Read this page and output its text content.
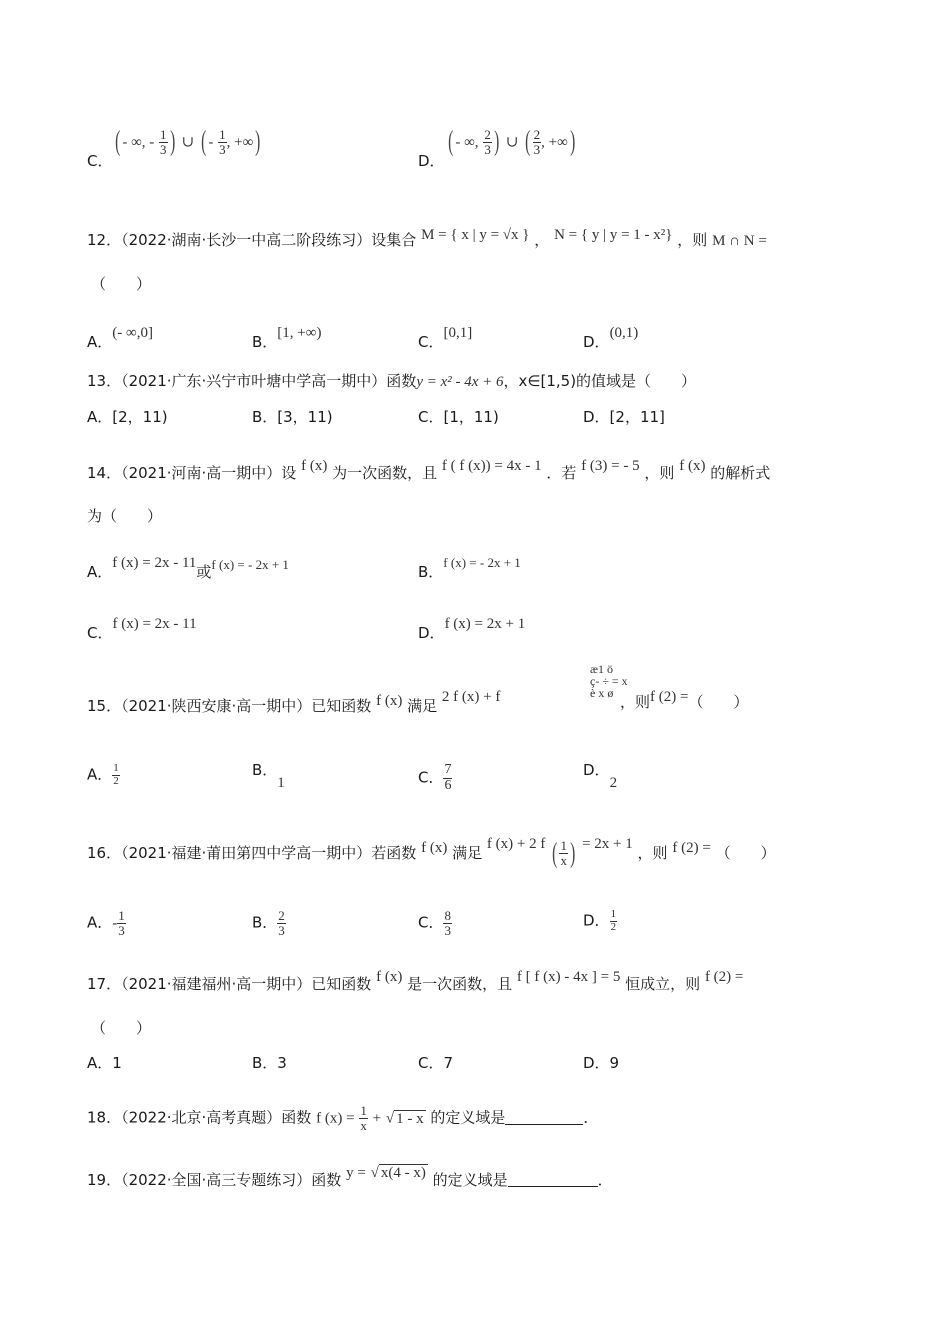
C．
( - ∞, - $\frac{1}{3}$ ) ∪ ( - $\frac{1}{3}$ , +∞)
D．
( - ∞, $\frac{2}{3}$ ) ∪ ( $\frac{2}{3}$ , +∞)
12．（2022·湖南·长沙一中高二阶段练习）设集合 M = { x | y = √x } ， N = { y | y = 1 - x²} ，则 M ∩ N =
（　　）
A．(- ∞,0]	B．[1, +∞)	C．[0,1]	D．(0,1)
13．（2021·广东·兴宁市叶塘中学高一期中）函数y = x² - 4x + 6，x∈[1,5)的值域是（　　）
A．[2，11)	B．[3，11)	C．[1，11)	D．[2，11]
14．（2021·河南·高一期中）设 f (x) 为一次函数，且 f ( f (x)) = 4x - 1 ．若 f (3) = - 5 ，则 f (x) 的解析式
为（　　）
A．f (x) = 2x - 11或f (x) = - 2x + 1	B．f (x) = - 2x + 1
C．f (x) = 2x - 11	D．f (x) = 2x + 1
15．（2021·陕西安康·高一期中）已知函数 f (x) 满足 2 f (x) + f
æ1 ö
ç- ÷ = x
è x ø ，则f (2) =（　　）
A． $\frac{1}{2}$	B．1	C． $\frac{7}{6}$	D．2
16．（2021·福建·莆田第四中学高一期中）若函数 f (x) 满足 f (x) + 2 f ( $\frac{1}{x}$ ) = 2x + 1 ，则 f (2) = （　　）
A．- $\frac{1}{3}$	B． $\frac{2}{3}$	C． $\frac{8}{3}$	D． $\frac{1}{2}$
17．（2021·福建福州·高一期中）已知函数 f (x) 是一次函数，且 f [ f (x) - 4x ] = 5 恒成立，则 f (2) =
（　　）
A．1	B．3	C．7	D．9
18．（2022·北京·高考真题）函数 f $(x) = \frac{1}{x}$ + √ 1 - x 的定义域是	．
19．（2022·全国·高三专题练习）函数 y = √ x(4 - x) 的定义域是	．
